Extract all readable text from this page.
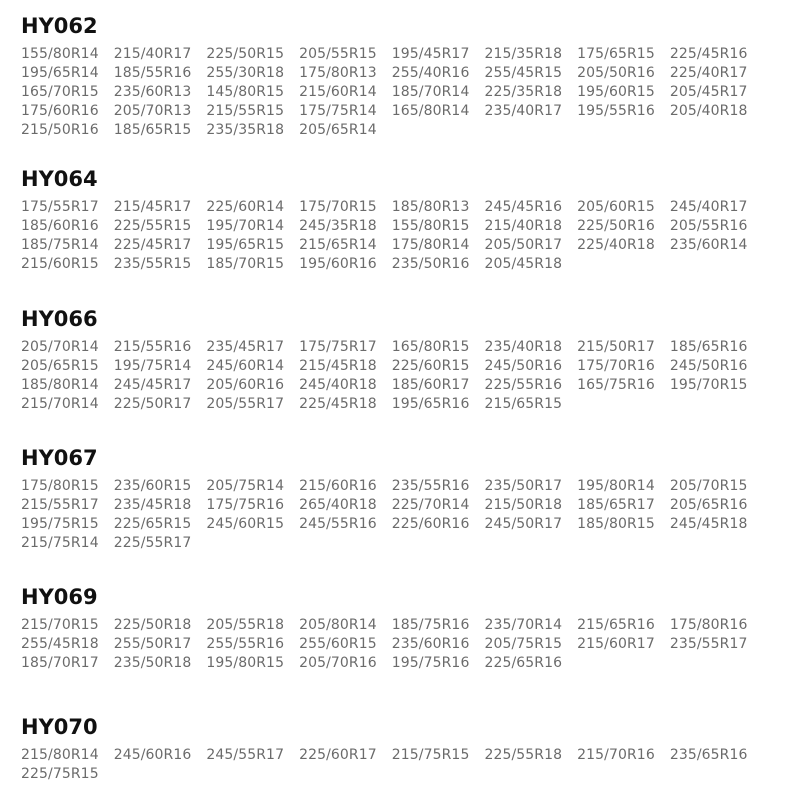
HY062
155/80R14	215/40R17	225/50R15	205/55R15	195/45R17	215/35R18	175/65R15	225/45R16
195/65R14	185/55R16	255/30R18	175/80R13	255/40R16	255/45R15	205/50R16	225/40R17
165/70R15	235/60R13	145/80R15	215/60R14	185/70R14	225/35R18	195/60R15	205/45R17
175/60R16	205/70R13	215/55R15	175/75R14	165/80R14	235/40R17	195/55R16	205/40R18
215/50R16	185/65R15	235/35R18	205/65R14
HY064
175/55R17	215/45R17	225/60R14	175/70R15	185/80R13	245/45R16	205/60R15	245/40R17
185/60R16	225/55R15	195/70R14	245/35R18	155/80R15	215/40R18	225/50R16	205/55R16
185/75R14	225/45R17	195/65R15	215/65R14	175/80R14	205/50R17	225/40R18	235/60R14
215/60R15	235/55R15	185/70R15	195/60R16	235/50R16	205/45R18
HY066
205/70R14	215/55R16	235/45R17	175/75R17	165/80R15	235/40R18	215/50R17	185/65R16
205/65R15	195/75R14	245/60R14	215/45R18	225/60R15	245/50R16	175/70R16	245/50R16
185/80R14	245/45R17	205/60R16	245/40R18	185/60R17	225/55R16	165/75R16	195/70R15
215/70R14	225/50R17	205/55R17	225/45R18	195/65R16	215/65R15
HY067
175/80R15	235/60R15	205/75R14	215/60R16	235/55R16	235/50R17	195/80R14	205/70R15
215/55R17	235/45R18	175/75R16	265/40R18	225/70R14	215/50R18	185/65R17	205/65R16
195/75R15	225/65R15	245/60R15	245/55R16	225/60R16	245/50R17	185/80R15	245/45R18
215/75R14	225/55R17
HY069
215/70R15	225/50R18	205/55R18	205/80R14	185/75R16	235/70R14	215/65R16	175/80R16
255/45R18	255/50R17	255/55R16	255/60R15	235/60R16	205/75R15	215/60R17	235/55R17
185/70R17	235/50R18	195/80R15	205/70R16	195/75R16	225/65R16
HY070
215/80R14	245/60R16	245/55R17	225/60R17	215/75R15	225/55R18	215/70R16	235/65R16
225/75R15
